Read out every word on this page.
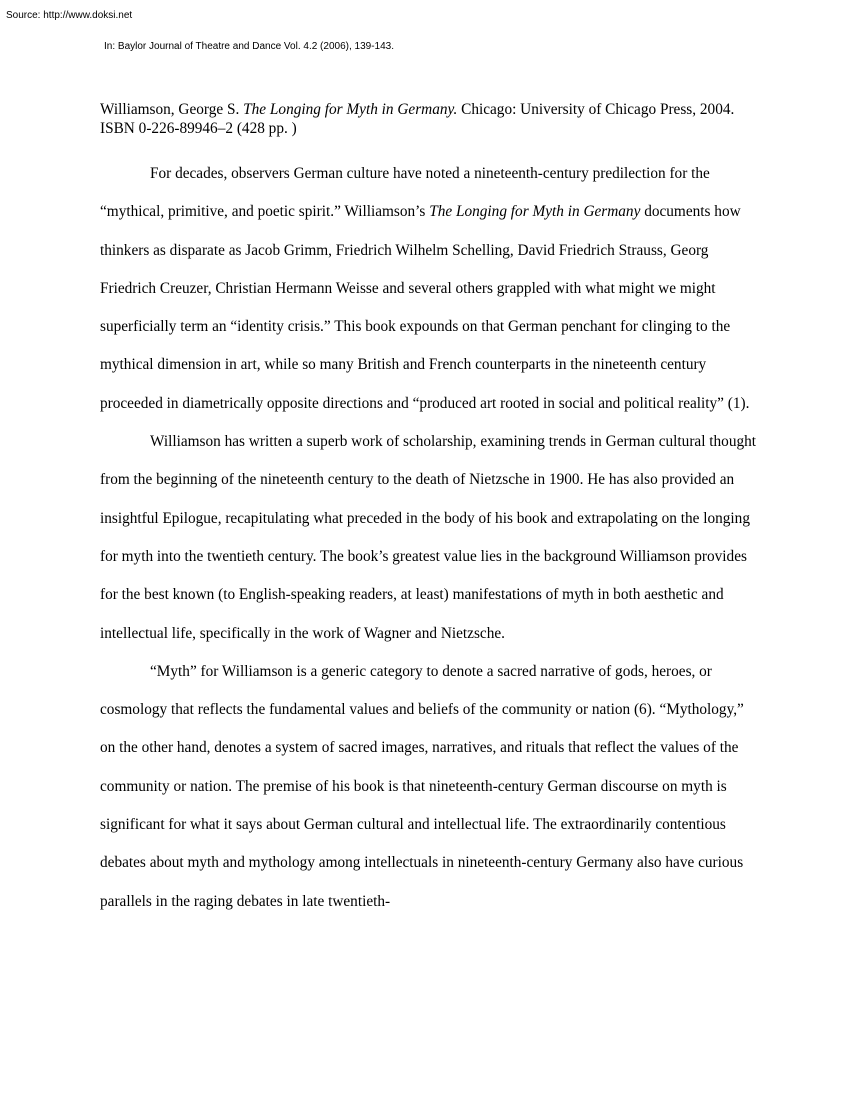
Source: http://www.doksi.net
In: Baylor Journal of Theatre and Dance Vol. 4.2 (2006), 139-143.

Williamson, George S. The Longing for Myth in Germany. Chicago: University of Chicago Press, 2004. ISBN 0-226-89946–2 (428 pp. )

For decades, observers German culture have noted a nineteenth-century predilection for the “mythical, primitive, and poetic spirit.” Williamson’s The Longing for Myth in Germany documents how thinkers as disparate as Jacob Grimm, Friedrich Wilhelm Schelling, David Friedrich Strauss, Georg Friedrich Creuzer, Christian Hermann Weisse and several others grappled with what might we might superficially term an “identity crisis.” This book expounds on that German penchant for clinging to the mythical dimension in art, while so many British and French counterparts in the nineteenth century proceeded in diametrically opposite directions and “produced art rooted in social and political reality” (1).

Williamson has written a superb work of scholarship, examining trends in German cultural thought from the beginning of the nineteenth century to the death of Nietzsche in 1900. He has also provided an insightful Epilogue, recapitulating what preceded in the body of his book and extrapolating on the longing for myth into the twentieth century. The book’s greatest value lies in the background Williamson provides for the best known (to English-speaking readers, at least) manifestations of myth in both aesthetic and intellectual life, specifically in the work of Wagner and Nietzsche.

“Myth” for Williamson is a generic category to denote a sacred narrative of gods, heroes, or cosmology that reflects the fundamental values and beliefs of the community or nation (6). “Mythology,” on the other hand, denotes a system of sacred images, narratives, and rituals that reflect the values of the community or nation. The premise of his book is that nineteenth-century German discourse on myth is significant for what it says about German cultural and intellectual life. The extraordinarily contentious debates about myth and mythology among intellectuals in nineteenth-century Germany also have curious parallels in the raging debates in late twentieth-
